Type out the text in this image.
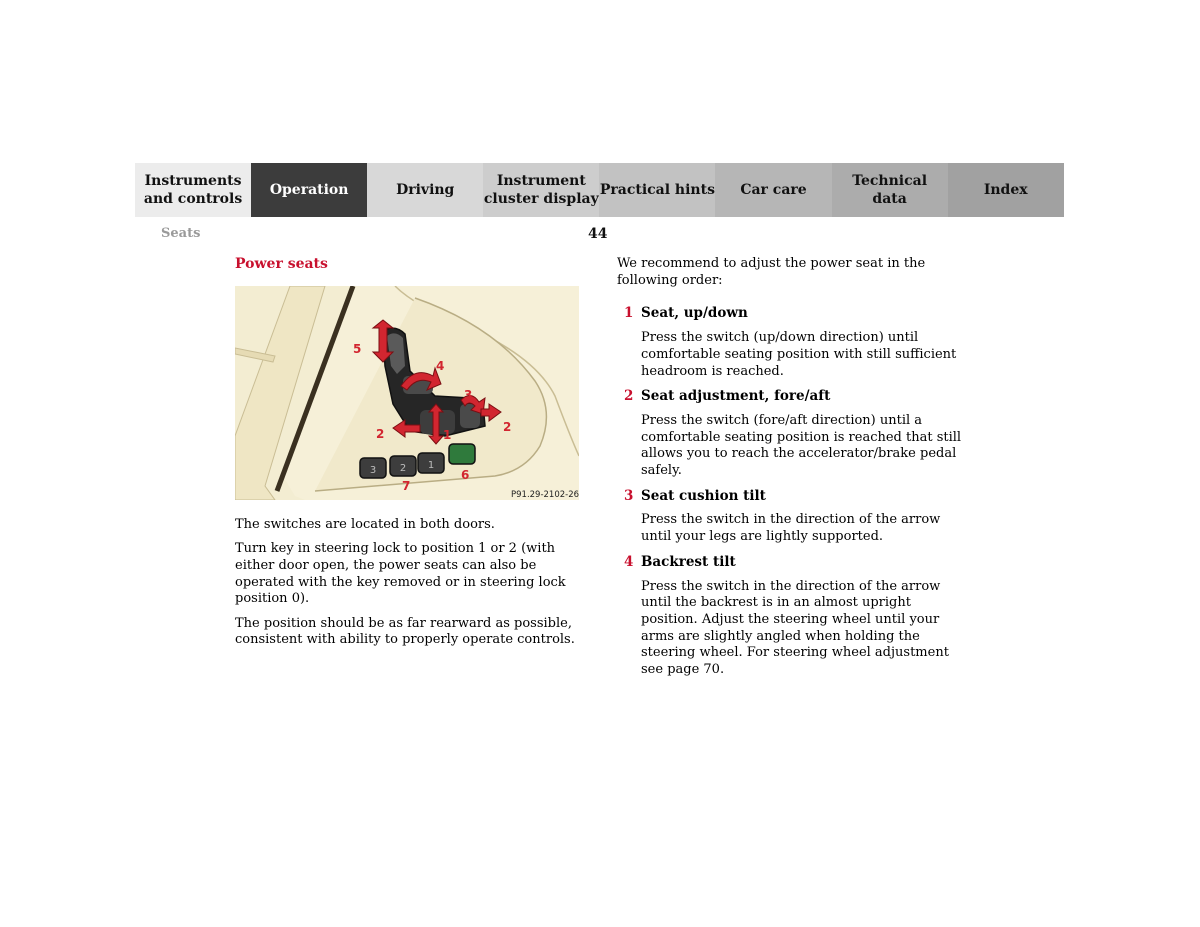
Instruments
and controls
Operation	Driving
Instrument
cluster display
Practical hints	Car care
Technical
data
Index
Seats	44
Power seats
3 2 1
5
4
3
2	2
1
6
7
P91.29-2102-26

The switches are located in both doors.

Turn key in steering lock to position 1 or 2 (with either door open, the power seats can also be operated with the key removed or in steering lock position 0).

The position should be as far rearward as possible, consistent with ability to properly operate controls.

We recommend to adjust the power seat in the following order:

1 Seat, up/down

Press the switch (up/down direction) until comfortable seating position with still sufficient headroom is reached.

2 Seat adjustment, fore/aft

Press the switch (fore/aft direction) until a comfortable seating position is reached that still allows you to reach the accelerator/brake pedal safely.

3 Seat cushion tilt

Press the switch in the direction of the arrow until your legs are lightly supported.

4 Backrest tilt

Press the switch in the direction of the arrow until the backrest is in an almost upright position. Adjust the steering wheel until your arms are slightly angled when holding the steering wheel. For steering wheel adjustment see page 70.
